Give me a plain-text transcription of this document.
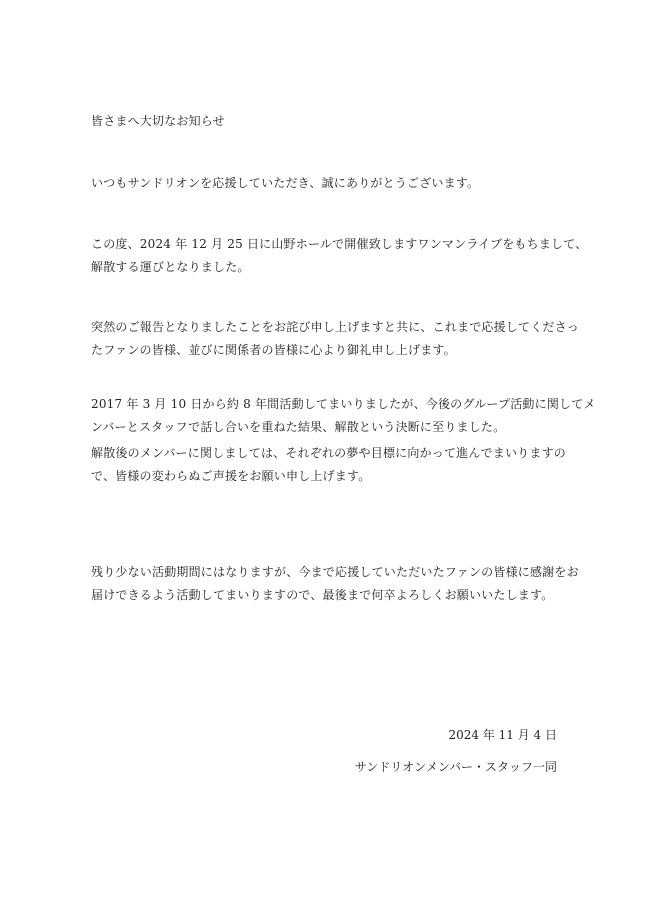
皆さまへ大切なお知らせ

いつもサンドリオンを応援していただき、誠にありがとうございます。

この度、2024 年 12 月 25 日に山野ホールで開催致しますワンマンライブをもちまして、
解散する運びとなりました。

突然のご報告となりましたことをお詫び申し上げますと共に、これまで応援してくださっ
たファンの皆様、並びに関係者の皆様に心より御礼申し上げます。

2017 年 3 月 10 日から約 8 年間活動してまいりましたが、今後のグループ活動に関してメ
ンバーとスタッフで話し合いを重ねた結果、解散という決断に至りました。

解散後のメンバーに関しましては、それぞれの夢や目標に向かって進んでまいりますの
で、皆様の変わらぬご声援をお願い申し上げます。

残り少ない活動期間にはなりますが、今まで応援していただいたファンの皆様に感謝をお
届けできるよう活動してまいりますので、最後まで何卒よろしくお願いいたします。

2024 年 11 月 4 日
サンドリオンメンバー・スタッフ一同
